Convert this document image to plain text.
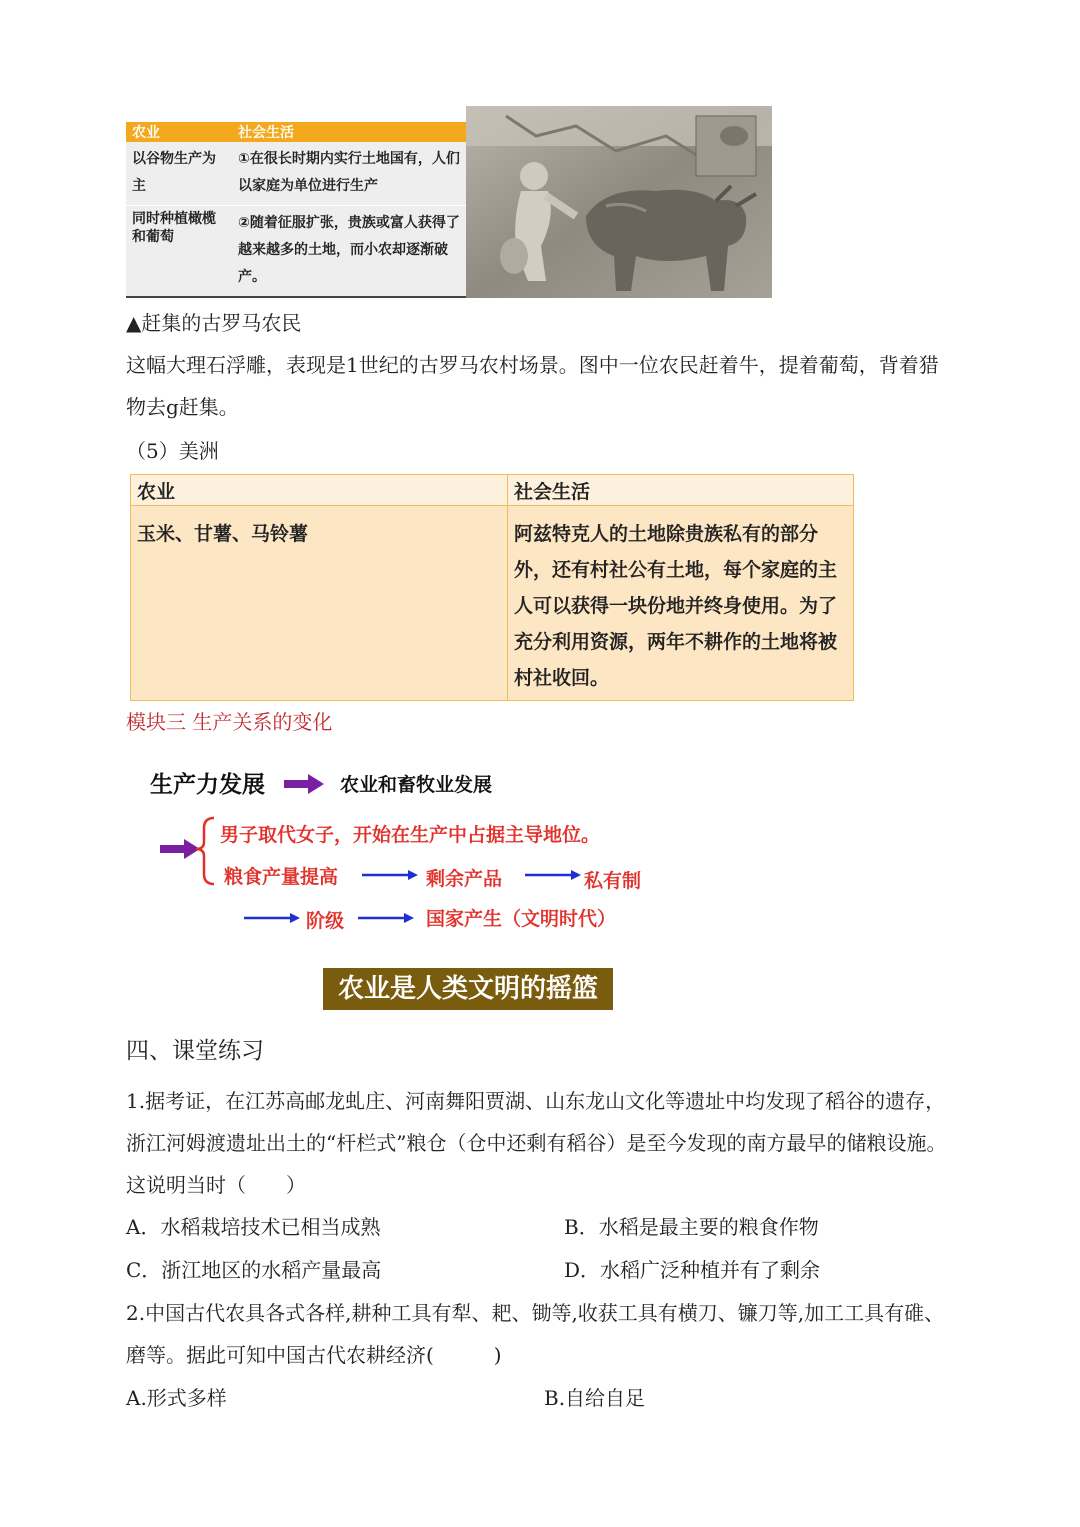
农业	社会生活
以谷物生产为主	①在很长时期内实行土地国有，人们以家庭为单位进行生产
同时种植橄榄和葡萄	②随着征服扩张，贵族或富人获得了越来越多的土地，而小农却逐渐破产。
▲赶集的古罗马农民
这幅大理石浮雕，表现是1世纪的古罗马农村场景。图中一位农民赶着牛，提着葡萄，背着猎物去g赶集。
（5）美洲
农业	社会生活
玉米、甘薯、马铃薯	阿兹特克人的土地除贵族私有的部分外，还有村社公有土地，每个家庭的主人可以获得一块份地并终身使用。为了充分利用资源，两年不耕作的土地将被村社收回。
模块三 生产关系的变化
生产力发展	农业和畜牧业发展
男子取代女子，开始在生产中占据主导地位。
粮食产量提高	剩余产品	私有制
阶级	国家产生（文明时代）
农业是人类文明的摇篮
四、课堂练习
1.据考证，在江苏高邮龙虬庄、河南舞阳贾湖、山东龙山文化等遗址中均发现了稻谷的遗存，浙江河姆渡遗址出土的“杆栏式”粮仓（仓中还剩有稻谷）是至今发现的南方最早的储粮设施。这说明当时（　　）
A．水稻栽培技术已相当成熟	B．水稻是最主要的粮食作物
C．浙江地区的水稻产量最高	D．水稻广泛种植并有了剩余
2.中国古代农具各式各样,耕种工具有犁、耙、锄等,收获工具有横刀、镰刀等,加工工具有碓、磨等。据此可知中国古代农耕经济(　　　)
A.形式多样	B.自给自足
